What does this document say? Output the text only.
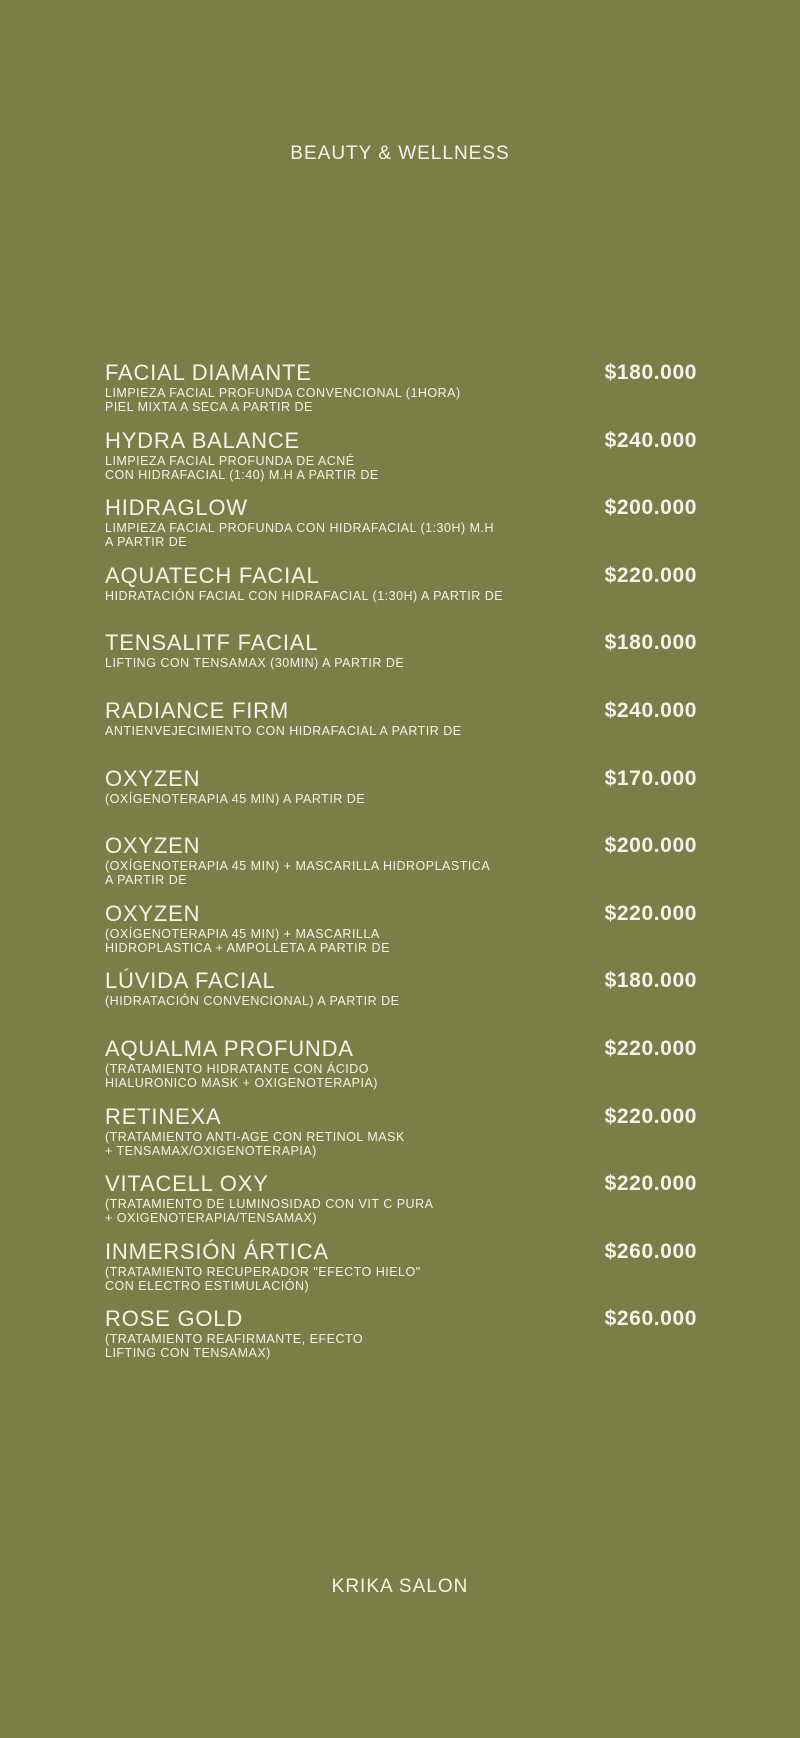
BEAUTY & WELLNESS
FACIAL DIAMANTE	$180.000
LIMPIEZA FACIAL PROFUNDA CONVENCIONAL (1HORA)
PIEL MIXTA A SECA A PARTIR DE
HYDRA BALANCE	$240.000
LIMPIEZA FACIAL PROFUNDA DE ACNÉ
CON HIDRAFACIAL (1:40) M.H A PARTIR DE
HIDRAGLOW	$200.000
LIMPIEZA FACIAL PROFUNDA CON HIDRAFACIAL (1:30H) M.H
A PARTIR DE
AQUATECH FACIAL	$220.000
HIDRATACIÓN FACIAL CON HIDRAFACIAL (1:30H) A PARTIR DE
TENSALITF FACIAL	$180.000
LIFTING CON TENSAMAX (30MIN) A PARTIR DE
RADIANCE FIRM	$240.000
ANTIENVEJECIMIENTO CON HIDRAFACIAL A PARTIR DE
OXYZEN	$170.000
(OXÍGENOTERAPIA 45 MIN) A PARTIR DE
OXYZEN	$200.000
(OXÍGENOTERAPIA 45 MIN) + MASCARILLA HIDROPLASTICA
A PARTIR DE
OXYZEN	$220.000
(OXÍGENOTERAPIA 45 MIN) + MASCARILLA
HIDROPLASTICA + AMPOLLETA A PARTIR DE
LÚVIDA FACIAL	$180.000
(HIDRATACIÓN CONVENCIONAL) A PARTIR DE
AQUALMA PROFUNDA	$220.000
(TRATAMIENTO HIDRATANTE CON ÁCIDO
HIALURONICO MASK + OXIGENOTERAPIA)
RETINEXA	$220.000
(TRATAMIENTO ANTI-AGE CON RETINOL MASK
+ TENSAMAX/OXIGENOTERAPIA)
VITACELL OXY	$220.000
(TRATAMIENTO DE LUMINOSIDAD CON VIT C PURA
+ OXIGENOTERAPIA/TENSAMAX)
INMERSIÓN ÁRTICA	$260.000
(TRATAMIENTO RECUPERADOR "EFECTO HIELO"
CON ELECTRO ESTIMULACIÓN)
ROSE GOLD	$260.000
(TRATAMIENTO REAFIRMANTE, EFECTO
LIFTING CON TENSAMAX)
KRIKA SALON
